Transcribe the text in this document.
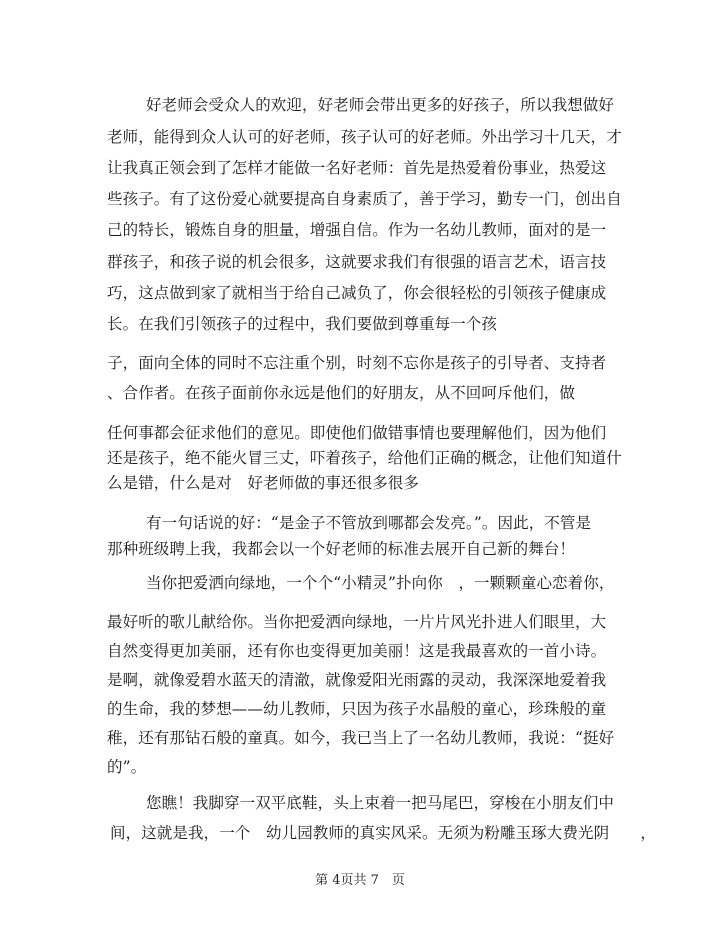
好老师会受众人的欢迎，好老师会带出更多的好孩子，所以我想做好
老师，能得到众人认可的好老师，孩子认可的好老师。外出学习十几天，才
让我真正领会到了怎样才能做一名好老师：首先是热爱着份事业，热爱这
些孩子。有了这份爱心就要提高自身素质了，善于学习，勤专一门，创出自
己的特长，锻炼自身的胆量，增强自信。作为一名幼儿教师，面对的是一
群孩子，和孩子说的机会很多，这就要求我们有很强的语言艺术，语言技
巧，这点做到家了就相当于给自己减负了，你会很轻松的引领孩子健康成
长。在我们引领孩子的过程中，我们要做到尊重每一个孩
子，面向全体的同时不忘注重个别，时刻不忘你是孩子的引导者、支持者
、合作者。在孩子面前你永远是他们的好朋友，从不回呵斥他们，做
任何事都会征求他们的意见。即使他们做错事情也要理解他们，因为他们
还是孩子，绝不能火冒三丈，吓着孩子，给他们正确的概念，让他们知道什
么是错，什么是对　好老师做的事还很多很多
有一句话说的好：“是金子不管放到哪都会发亮。”。因此，不管是
那种班级聘上我，我都会以一个好老师的标准去展开自己新的舞台！
当你把爱洒向绿地，一个个“小精灵”扑向你　，一颗颗童心恋着你，
最好听的歌儿献给你。当你把爱洒向绿地，一片片风光扑进人们眼里，大
自然变得更加美丽，还有你也变得更加美丽！这是我最喜欢的一首小诗。
是啊，就像爱碧水蓝天的清澈，就像爱阳光雨露的灵动，我深深地爱着我
的生命，我的梦想——幼儿教师，只因为孩子水晶般的童心，珍珠般的童
稚，还有那钻石般的童真。如今，我已当上了一名幼儿教师，我说：“挺好
的”。
您瞧！我脚穿一双平底鞋，头上束着一把马尾巴，穿梭在小朋友们中
间，这就是我，一个　幼儿园教师的真实风采。无须为粉雕玉琢大费光阴　　，
第 4页共 7　页
